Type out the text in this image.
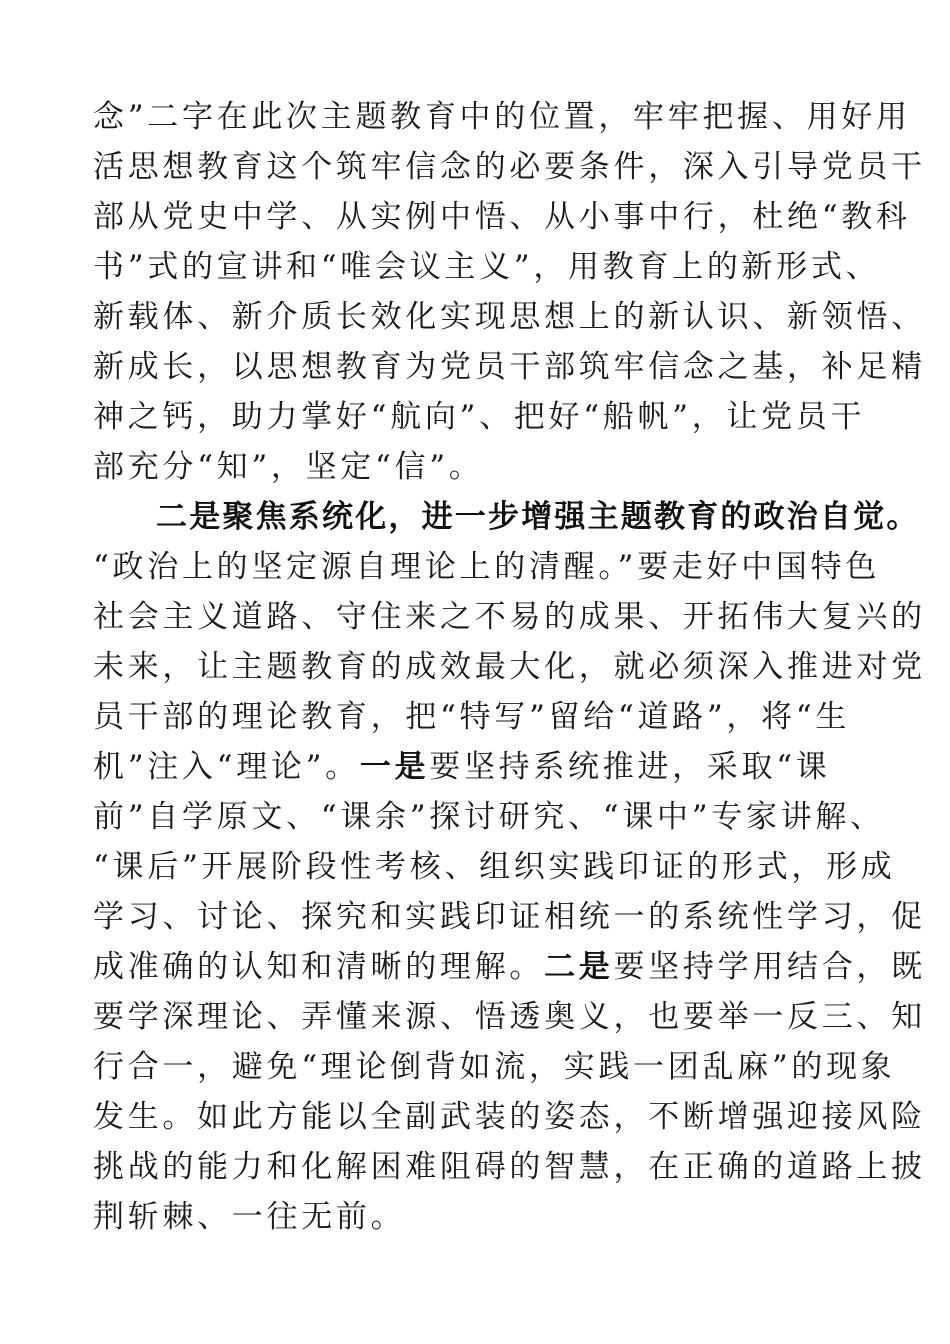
念”二字在此次主题教育中的位置，牢牢把握、用好用
活思想教育这个筑牢信念的必要条件，深入引导党员干
部从党史中学、从实例中悟、从小事中行，杜绝“教科
书”式的宣讲和“唯会议主义”，用教育上的新形式、
新载体、新介质长效化实现思想上的新认识、新领悟、
新成长，以思想教育为党员干部筑牢信念之基，补足精
神之钙，助力掌好“航向”、把好“船帆”，让党员干
部充分“知”，坚定“信”。
二是聚焦系统化，进一步增强主题教育的政治自觉。
“政治上的坚定源自理论上的清醒。”要走好中国特色
社会主义道路、守住来之不易的成果、开拓伟大复兴的
未来，让主题教育的成效最大化，就必须深入推进对党
员干部的理论教育，把“特写”留给“道路”，将“生
机”注入“理论”。一是要坚持系统推进，采取“课
前”自学原文、“课余”探讨研究、“课中”专家讲解、
“课后”开展阶段性考核、组织实践印证的形式，形成
学习、讨论、探究和实践印证相统一的系统性学习，促
成准确的认知和清晰的理解。二是要坚持学用结合，既
要学深理论、弄懂来源、悟透奥义，也要举一反三、知
行合一，避免“理论倒背如流，实践一团乱麻”的现象
发生。如此方能以全副武装的姿态，不断增强迎接风险
挑战的能力和化解困难阻碍的智慧，在正确的道路上披
荆斩棘、一往无前。
